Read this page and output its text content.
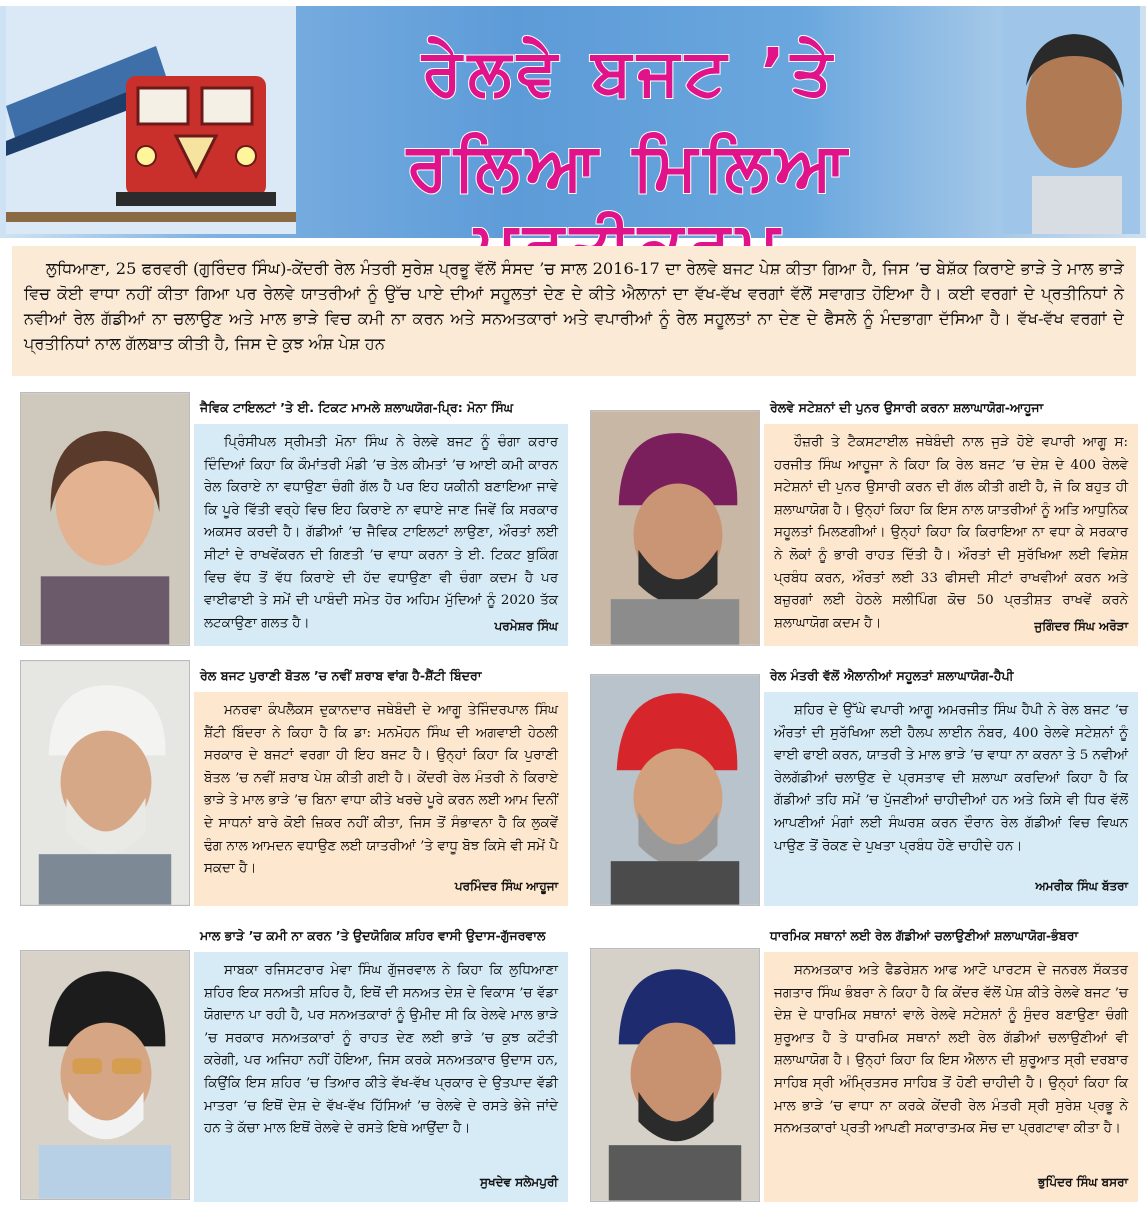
ਰੇਲਵੇ ਬਜਟ ’ਤੇ
ਰਲਿਆ ਮਿਲਿਆ

ਲੁਧਿਆਣਾ, 25 ਫਰਵਰੀ (ਗੁਰਿੰਦਰ ਸਿੰਘ)-ਕੇਂਦਰੀ ਰੇਲ ਮੰਤਰੀ ਸੁਰੇਸ਼ ਪ੍ਰਭੂ ਵੱਲੋਂ ਸੰਸਦ ’ਚ ਸਾਲ 2016-17 ਦਾ ਰੇਲਵੇ ਬਜਟ ਪੇਸ਼ ਕੀਤਾ ਗਿਆ ਹੈ, ਜਿਸ ’ਚ ਬੇਸ਼ੱਕ ਕਿਰਾਏ ਭਾੜੇ ਤੇ ਮਾਲ ਭਾੜੇ ਵਿਚ ਕੋਈ ਵਾਧਾ ਨਹੀਂ ਕੀਤਾ ਗਿਆ ਪਰ ਰੇਲਵੇ ਯਾਤਰੀਆਂ ਨੂੰ ਉੱਚ ਪਾਏ ਦੀਆਂ ਸਹੂਲਤਾਂ ਦੇਣ ਦੇ ਕੀਤੇ ਐਲਾਨਾਂ ਦਾ ਵੱਖ-ਵੱਖ ਵਰਗਾਂ ਵੱਲੋਂ ਸਵਾਗਤ ਹੋਇਆ ਹੈ। ਕਈ ਵਰਗਾਂ ਦੇ ਪ੍ਰਤੀਨਿਧਾਂ ਨੇ ਨਵੀਆਂ ਰੇਲ ਗੱਡੀਆਂ ਨਾ ਚਲਾਉਣ ਅਤੇ ਮਾਲ ਭਾੜੇ ਵਿਚ ਕਮੀ ਨਾ ਕਰਨ ਅਤੇ ਸਨਅਤਕਾਰਾਂ ਅਤੇ ਵਪਾਰੀਆਂ ਨੂੰ ਰੇਲ ਸਹੂਲਤਾਂ ਨਾ ਦੇਣ ਦੇ ਫੈਸਲੇ ਨੂੰ ਮੰਦਭਾਗਾ ਦੱਸਿਆ ਹੈ। ਵੱਖ-ਵੱਖ ਵਰਗਾਂ ਦੇ ਪ੍ਰਤੀਨਿਧਾਂ ਨਾਲ ਗੱਲਬਾਤ ਕੀਤੀ ਹੈ, ਜਿਸ ਦੇ ਕੁਝ ਅੰਸ਼ ਪੇਸ਼ ਹਨ

ਜੈਵਿਕ ਟਾਇਲਟਾਂ ’ਤੇ ਈ. ਟਿਕਟ ਮਾਮਲੇ ਸ਼ਲਾਘਯੋਗ-ਪ੍ਰਿ: ਮੋਨਾ ਸਿੰਘ
ਪ੍ਰਿੰਸੀਪਲ ਸ੍ਰੀਮਤੀ ਮੋਨਾ ਸਿੰਘ ਨੇ ਰੇਲਵੇ ਬਜਟ ਨੂੰ ਚੰਗਾ ਕਰਾਰ ਦਿੰਦਿਆਂ ਕਿਹਾ ਕਿ ਕੌਮਾਂਤਰੀ ਮੰਡੀ ’ਚ ਤੇਲ ਕੀਮਤਾਂ ’ਚ ਆਈ ਕਮੀ ਕਾਰਨ ਰੇਲ ਕਿਰਾਏ ਨਾ ਵਧਾਉਣਾ ਚੰਗੀ ਗੱਲ ਹੈ ਪਰ ਇਹ ਯਕੀਨੀ ਬਣਾਇਆ ਜਾਵੇ ਕਿ ਪੂਰੇ ਵਿੱਤੀ ਵਰ੍ਹੇ ਵਿਚ ਇਹ ਕਿਰਾਏ ਨਾ ਵਧਾਏ ਜਾਣ ਜਿਵੇਂ ਕਿ ਸਰਕਾਰ ਅਕਸਰ ਕਰਦੀ ਹੈ। ਗੱਡੀਆਂ ’ਚ ਜੈਵਿਕ ਟਾਇਲਟਾਂ ਲਾਉਣਾ, ਔਰਤਾਂ ਲਈ ਸੀਟਾਂ ਦੇ ਰਾਖਵੇਂਕਰਨ ਦੀ ਗਿਣਤੀ ’ਚ ਵਾਧਾ ਕਰਨਾ ਤੇ ਈ. ਟਿਕਟ ਬੁਕਿੰਗ ਵਿਚ ਵੱਧ ਤੋਂ ਵੱਧ ਕਿਰਾਏ ਦੀ ਹੱਦ ਵਧਾਉਣਾ ਵੀ ਚੰਗਾ ਕਦਮ ਹੈ ਪਰ ਵਾਈਫਾਈ ਤੇ ਸਮੇਂ ਦੀ ਪਾਬੰਦੀ ਸਮੇਤ ਹੋਰ ਅਹਿਮ ਮੁੱਦਿਆਂ ਨੂੰ 2020 ਤੱਕ ਲਟਕਾਉਣਾ ਗਲਤ ਹੈ।	ਪਰਮੇਸ਼ਰ ਸਿੰਘ
ਰੇਲਵੇ ਸਟੇਸ਼ਨਾਂ ਦੀ ਪੁਨਰ ਉਸਾਰੀ ਕਰਨਾ ਸ਼ਲਾਘਾਯੋਗ-ਆਹੂਜਾ
ਹੌਜ਼ਰੀ ਤੇ ਟੈਕਸਟਾਈਲ ਜਥੇਬੰਦੀ ਨਾਲ ਜੁੜੇ ਹੋਏ ਵਪਾਰੀ ਆਗੂ ਸ: ਹਰਜੀਤ ਸਿੰਘ ਆਹੂਜਾ ਨੇ ਕਿਹਾ ਕਿ ਰੇਲ ਬਜਟ ’ਚ ਦੇਸ਼ ਦੇ 400 ਰੇਲਵੇ ਸਟੇਸ਼ਨਾਂ ਦੀ ਪੁਨਰ ਉਸਾਰੀ ਕਰਨ ਦੀ ਗੱਲ ਕੀਤੀ ਗਈ ਹੈ, ਜੋ ਕਿ ਬਹੁਤ ਹੀ ਸ਼ਲਾਘਾਯੋਗ ਹੈ। ਉਨ੍ਹਾਂ ਕਿਹਾ ਕਿ ਇਸ ਨਾਲ ਯਾਤਰੀਆਂ ਨੂੰ ਅਤਿ ਆਧੁਨਿਕ ਸਹੂਲਤਾਂ ਮਿਲਣਗੀਆਂ। ਉਨ੍ਹਾਂ ਕਿਹਾ ਕਿ ਕਿਰਾਇਆ ਨਾ ਵਧਾ ਕੇ ਸਰਕਾਰ ਨੇ ਲੋਕਾਂ ਨੂੰ ਭਾਰੀ ਰਾਹਤ ਦਿੱਤੀ ਹੈ। ਔਰਤਾਂ ਦੀ ਸੁਰੱਖਿਆ ਲਈ ਵਿਸ਼ੇਸ਼ ਪ੍ਰਬੰਧ ਕਰਨ, ਔਰਤਾਂ ਲਈ 33 ਫੀਸਦੀ ਸੀਟਾਂ ਰਾਖਵੀਆਂ ਕਰਨ ਅਤੇ ਬਜ਼ੁਰਗਾਂ ਲਈ ਹੇਠਲੇ ਸਲੀਪਿੰਗ ਕੋਚ 50 ਪ੍ਰਤੀਸ਼ਤ ਰਾਖਵੇਂ ਕਰਨੇ ਸ਼ਲਾਘਾਯੋਗ ਕਦਮ ਹੈ।	ਜੁਗਿੰਦਰ ਸਿੰਘ ਅਰੋੜਾ
ਰੇਲ ਬਜਟ ਪੁਰਾਣੀ ਬੋਤਲ ’ਚ ਨਵੀਂ ਸ਼ਰਾਬ ਵਾਂਗ ਹੈ-ਸ਼ੈਂਟੀ ਬਿੰਦਰਾ
ਮਨਰਵਾ ਕੰਪਲੈਕਸ ਦੁਕਾਨਦਾਰ ਜਥੇਬੰਦੀ ਦੇ ਆਗੂ ਤੇਜਿੰਦਰਪਾਲ ਸਿੰਘ ਸ਼ੈਂਟੀ ਬਿੰਦਰਾ ਨੇ ਕਿਹਾ ਹੈ ਕਿ ਡਾ: ਮਨਮੋਹਨ ਸਿੰਘ ਦੀ ਅਗਵਾਈ ਹੇਠਲੀ ਸਰਕਾਰ ਦੇ ਬਜਟਾਂ ਵਰਗਾ ਹੀ ਇਹ ਬਜਟ ਹੈ। ਉਨ੍ਹਾਂ ਕਿਹਾ ਕਿ ਪੁਰਾਣੀ ਬੋਤਲ ’ਚ ਨਵੀਂ ਸ਼ਰਾਬ ਪੇਸ਼ ਕੀਤੀ ਗਈ ਹੈ। ਕੇਂਦਰੀ ਰੇਲ ਮੰਤਰੀ ਨੇ ਕਿਰਾਏ ਭਾੜੇ ਤੇ ਮਾਲ ਭਾੜੇ ’ਚ ਬਿਨਾ ਵਾਧਾ ਕੀਤੇ ਖਰਚੇ ਪੂਰੇ ਕਰਨ ਲਈ ਆਮ ਦਿਨੀਂ ਦੇ ਸਾਧਨਾਂ ਬਾਰੇ ਕੋਈ ਜ਼ਿਕਰ ਨਹੀਂ ਕੀਤਾ, ਜਿਸ ਤੋਂ ਸੰਭਾਵਨਾ ਹੈ ਕਿ ਲੁਕਵੇਂ ਢੰਗ ਨਾਲ ਆਮਦਨ ਵਧਾਉਣ ਲਈ ਯਾਤਰੀਆਂ ’ਤੇ ਵਾਧੂ ਬੋਝ ਕਿਸੇ ਵੀ ਸਮੇਂ ਪੈ ਸਕਦਾ ਹੈ।
ਪਰਮਿੰਦਰ ਸਿੰਘ ਆਹੂਜਾ
ਰੇਲ ਮੰਤਰੀ ਵੱਲੋਂ ਐਲਾਨੀਆਂ ਸਹੂਲਤਾਂ ਸ਼ਲਾਘਾਯੋਗ-ਹੈਪੀ
ਸ਼ਹਿਰ ਦੇ ਉੱਘੇ ਵਪਾਰੀ ਆਗੂ ਅਮਰਜੀਤ ਸਿੰਘ ਹੈਪੀ ਨੇ ਰੇਲ ਬਜਟ ’ਚ ਔਰਤਾਂ ਦੀ ਸੁਰੱਖਿਆ ਲਈ ਹੈਲਪ ਲਾਈਨ ਨੰਬਰ, 400 ਰੇਲਵੇ ਸਟੇਸ਼ਨਾਂ ਨੂੰ ਵਾਈ ਫਾਈ ਕਰਨ, ਯਾਤਰੀ ਤੇ ਮਾਲ ਭਾੜੇ ’ਚ ਵਾਧਾ ਨਾ ਕਰਨਾ ਤੇ 5 ਨਵੀਆਂ ਰੇਲਗੱਡੀਆਂ ਚਲਾਉਣ ਦੇ ਪ੍ਰਸਤਾਵ ਦੀ ਸ਼ਲਾਘਾ ਕਰਦਿਆਂ ਕਿਹਾ ਹੈ ਕਿ ਗੱਡੀਆਂ ਤਹਿ ਸਮੇਂ ’ਚ ਪੁੱਜਣੀਆਂ ਚਾਹੀਦੀਆਂ ਹਨ ਅਤੇ ਕਿਸੇ ਵੀ ਧਿਰ ਵੱਲੋਂ ਆਪਣੀਆਂ ਮੰਗਾਂ ਲਈ ਸੰਘਰਸ਼ ਕਰਨ ਦੌਰਾਨ ਰੇਲ ਗੱਡੀਆਂ ਵਿਚ ਵਿਘਨ ਪਾਉਣ ਤੋਂ ਰੋਕਣ ਦੇ ਪੁਖਤਾ ਪ੍ਰਬੰਧ ਹੋਣੇ ਚਾਹੀਦੇ ਹਨ।
ਅਮਰੀਕ ਸਿੰਘ ਬੱਤਰਾ
ਮਾਲ ਭਾੜੇ ’ਚ ਕਮੀ ਨਾ ਕਰਨ ’ਤੇ ਉਦਯੋਗਿਕ ਸ਼ਹਿਰ ਵਾਸੀ ਉਦਾਸ-ਗੁੱਜਰਵਾਲ
ਸਾਬਕਾ ਰਜਿਸਟਰਾਰ ਮੇਵਾ ਸਿੰਘ ਗੁੱਜਰਵਾਲ ਨੇ ਕਿਹਾ ਕਿ ਲੁਧਿਆਣਾ ਸ਼ਹਿਰ ਇਕ ਸਨਅਤੀ ਸ਼ਹਿਰ ਹੈ, ਇਥੋਂ ਦੀ ਸਨਅਤ ਦੇਸ਼ ਦੇ ਵਿਕਾਸ ’ਚ ਵੱਡਾ ਯੋਗਦਾਨ ਪਾ ਰਹੀ ਹੈ, ਪਰ ਸਨਅਤਕਾਰਾਂ ਨੂੰ ਉਮੀਦ ਸੀ ਕਿ ਰੇਲਵੇ ਮਾਲ ਭਾੜੇ ’ਚ ਸਰਕਾਰ ਸਨਅਤਕਾਰਾਂ ਨੂੰ ਰਾਹਤ ਦੇਣ ਲਈ ਭਾੜੇ ’ਚ ਕੁਝ ਕਟੌਤੀ ਕਰੇਗੀ, ਪਰ ਅਜਿਹਾ ਨਹੀਂ ਹੋਇਆ, ਜਿਸ ਕਰਕੇ ਸਨਅਤਕਾਰ ਉਦਾਸ ਹਨ, ਕਿਉਂਕਿ ਇਸ ਸ਼ਹਿਰ ’ਚ ਤਿਆਰ ਕੀਤੇ ਵੱਖ-ਵੱਖ ਪ੍ਰਕਾਰ ਦੇ ਉਤਪਾਦ ਵੱਡੀ ਮਾਤਰਾ ’ਚ ਇਥੋਂ ਦੇਸ਼ ਦੇ ਵੱਖ-ਵੱਖ ਹਿੱਸਿਆਂ ’ਚ ਰੇਲਵੇ ਦੇ ਰਸਤੇ ਭੇਜੇ ਜਾਂਦੇ ਹਨ ਤੇ ਕੱਚਾ ਮਾਲ ਇਥੋਂ ਰੇਲਵੇ ਦੇ ਰਸਤੇ ਇਥੇ ਆਉਂਦਾ ਹੈ।
ਸੁਖਦੇਵ ਸਲੇਮਪੁਰੀ
ਧਾਰਮਿਕ ਸਥਾਨਾਂ ਲਈ ਰੇਲ ਗੱਡੀਆਂ ਚਲਾਉਣੀਆਂ ਸ਼ਲਾਘਾਯੋਗ-ਭੰਬਰਾ
ਸਨਅਤਕਾਰ ਅਤੇ ਫੈਡਰੇਸ਼ਨ ਆਫ ਆਟੋ ਪਾਰਟਸ ਦੇ ਜਨਰਲ ਸੱਕਤਰ ਜਗਤਾਰ ਸਿੰਘ ਭੰਬਰਾ ਨੇ ਕਿਹਾ ਹੈ ਕਿ ਕੇਂਦਰ ਵੱਲੋਂ ਪੇਸ਼ ਕੀਤੇ ਰੇਲਵੇ ਬਜਟ ’ਚ ਦੇਸ਼ ਦੇ ਧਾਰਮਿਕ ਸਥਾਨਾਂ ਵਾਲੇ ਰੇਲਵੇ ਸਟੇਸ਼ਨਾਂ ਨੂੰ ਸੁੰਦਰ ਬਣਾਉਣਾ ਚੰਗੀ ਸ਼ੁਰੂਆਤ ਹੈ ਤੇ ਧਾਰਮਿਕ ਸਥਾਨਾਂ ਲਈ ਰੇਲ ਗੱਡੀਆਂ ਚਲਾਉਣੀਆਂ ਵੀ ਸ਼ਲਾਘਾਯੋਗ ਹੈ। ਉਨ੍ਹਾਂ ਕਿਹਾ ਕਿ ਇਸ ਐਲਾਨ ਦੀ ਸ਼ੁਰੂਆਤ ਸ੍ਰੀ ਦਰਬਾਰ ਸਾਹਿਬ ਸ੍ਰੀ ਅੰਮ੍ਰਿਤਸਰ ਸਾਹਿਬ ਤੋਂ ਹੋਣੀ ਚਾਹੀਦੀ ਹੈ। ਉਨ੍ਹਾਂ ਕਿਹਾ ਕਿ ਮਾਲ ਭਾੜੇ ’ਚ ਵਾਧਾ ਨਾ ਕਰਕੇ ਕੇਂਦਰੀ ਰੇਲ ਮੰਤਰੀ ਸ੍ਰੀ ਸੁਰੇਸ਼ ਪ੍ਰਭੂ ਨੇ ਸਨਅਤਕਾਰਾਂ ਪ੍ਰਤੀ ਆਪਣੀ ਸਕਾਰਾਤਮਕ ਸੋਚ ਦਾ ਪ੍ਰਗਟਾਵਾ ਕੀਤਾ ਹੈ।
ਭੁਪਿੰਦਰ ਸਿੰਘ ਬਸਰਾ
